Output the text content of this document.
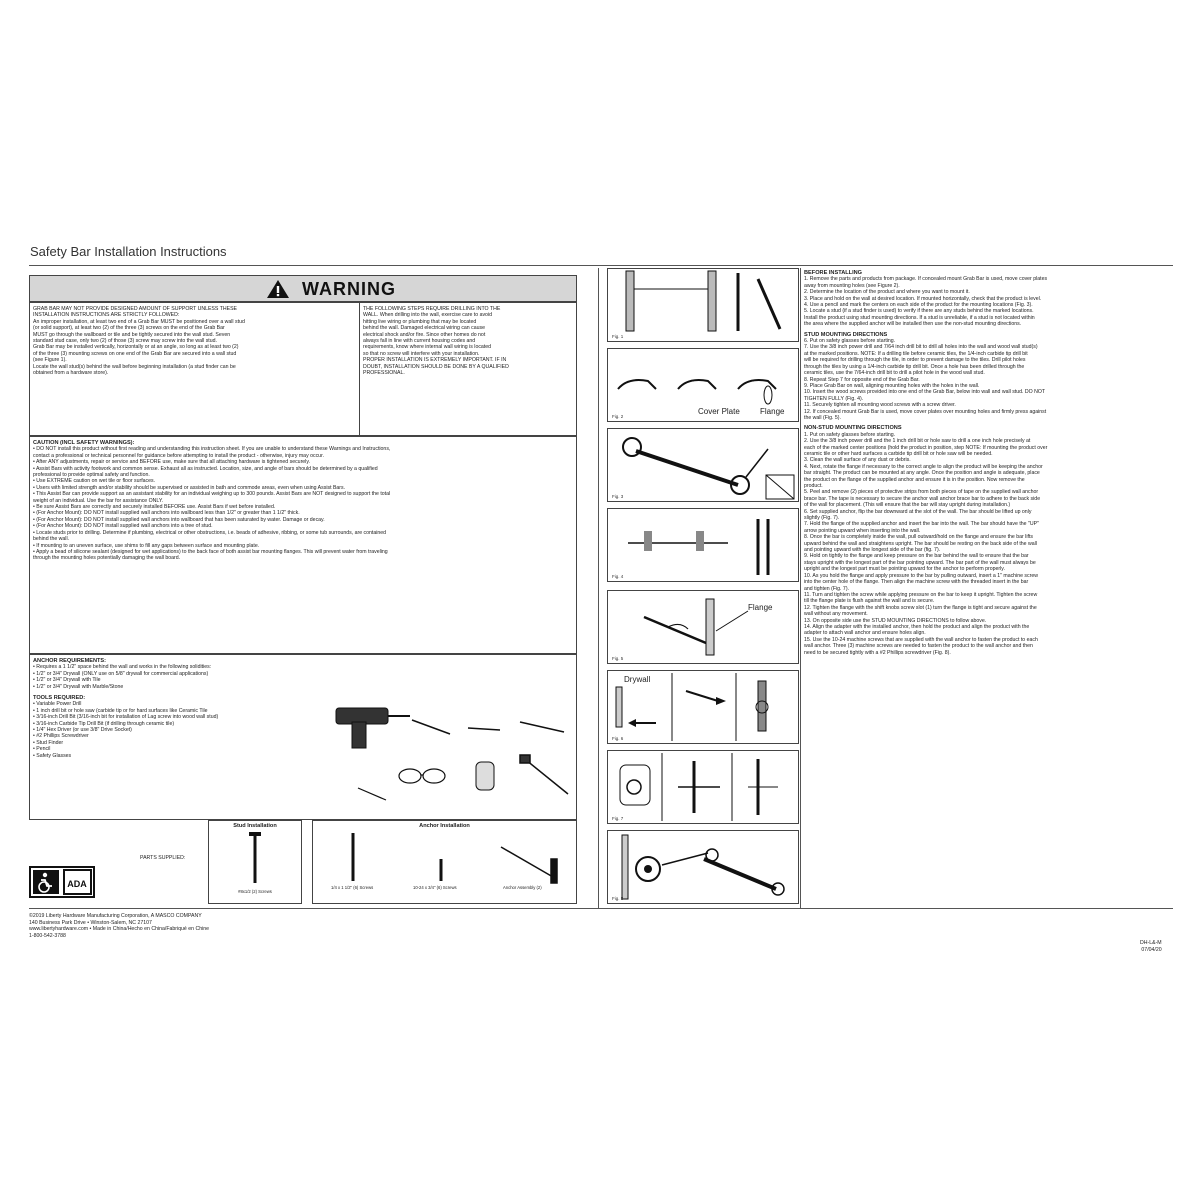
Safety Bar Installation Instructions
WARNING

GRAB BAR MAY NOT PROVIDE DESIGNED AMOUNT OF SUPPORT UNLESS THESE

INSTALLATION INSTRUCTIONS ARE STRICTLY FOLLOWED:

An improper installation, at least two end of a Grab Bar MUST be positioned over a wall stud

(or solid support), at least two (2) of the three (3) screws on the end of the Grab Bar

MUST go through the wallboard or tile and be tightly secured into the wall stud. Seven

standard stud case, only two (2) of those (3) screw may screw into the wall stud.

Grab Bar may be installed vertically, horizontally or at an angle, so long as at least two (2)

of the three (3) mounting screws on one end of the Grab Bar are secured into a wall stud

(see Figure 1).

Locate the wall stud(s) behind the wall before beginning installation (a stud finder can be

obtained from a hardware store).

THE FOLLOWING STEPS REQUIRE DRILLING INTO THE

WALL. When drilling into the wall, exercise care to avoid

hitting live wiring or plumbing that may be located

behind the wall. Damaged electrical wiring can cause

electrical shock and/or fire. Since other homes do not

always fall in line with current housing codes and

requirements, know where internal wall wiring is located

so that no screw will interfere with your installation.

PROPER INSTALLATION IS EXTREMELY IMPORTANT. IF IN

DOUBT, INSTALLATION SHOULD BE DONE BY A QUALIFIED

PROFESSIONAL.

CAUTION (INCL SAFETY WARNINGS):

• DO NOT install this product without first reading and understanding this instruction sheet. If you are unable to understand these Warnings and Instructions,

contact a professional or technical personnel for guidance before attempting to install the product - otherwise, injury may occur.

• After ANY adjustments, repair or service and BEFORE use, make sure that all attaching hardware is tightened securely.

• Assist Bars with activity footwork and common sense. Exhaust all as instructed. Location, size, and angle of bars should be determined by a qualified

professional to provide optimal safety and function.

• Use EXTREME caution on wet tile or floor surfaces.

• Users with limited strength and/or stability should be supervised or assisted in bath and commode areas, even when using Assist Bars.

• This Assist Bar can provide support as an assistant stability for an individual weighing up to 300 pounds. Assist Bars are NOT designed to support the total

weight of an individual. Use the bar for assistance ONLY.

• Be sure Assist Bars are correctly and securely installed BEFORE use. Assist Bars if wet before installed.

• (For Anchor Mount): DO NOT install supplied wall anchors into wallboard less than 1/2" or greater than 1 1/2" thick.

• (For Anchor Mount): DO NOT install supplied wall anchors into wallboard that has been saturated by water. Damage or decay.

• (For Anchor Mount): DO NOT install supplied wall anchors into a tree of stud.

• Locate studs prior to drilling. Determine if plumbing, electrical or other obstructions, i.e. beads of adhesive, ribbing, or some tub surrounds, are contained

behind the wall.

• If mounting to an uneven surface, use shims to fill any gaps between surface and mounting plate.

• Apply a bead of silicone sealant (designed for wet applications) to the back face of both assist bar mounting flanges. This will prevent water from traveling

through the mounting holes potentially damaging the wall board.

ANCHOR REQUIREMENTS:

• Requires a 1 1/2" space behind the wall and works in the following solidities:

• 1/2" or 3/4" Drywall (ONLY use on 5/8" drywall for commercial applications)

• 1/2" or 3/4" Drywall with Tile

• 1/2" or 3/4" Drywall with Marble/Stone

TOOLS REQUIRED:

• Variable Power Drill

• 1 inch drill bit or hole saw (carbide tip or for hard surfaces like Ceramic Tile

• 3/16-inch Drill Bit (3/16-inch bit for installation of Lag screw into wood wall stud)

• 3/16-inch Carbide Tip Drill Bit (if drilling through ceramic tile)

• 1/4" Hex Driver (or use 3/8" Drive Socket)

• #2 Phillips Screwdriver

• Stud Finder

• Pencil

• Safety Glasses

Stud Installation

#8x1/2 (2) Screws

PARTS SUPPLIED:

Anchor Installation

1/4 x 1 1/2" (6) Screws	10-24 x 3/4" (6) Screws	Anchor Assembly (2)
ADA
Fig. 1
Cover Plate	Flange
Fig. 2
Fig. 3
Fig. 4
Flange
Fig. 5
Drywall
Fig. 6
Fig. 7
Fig. 8

BEFORE INSTALLING

1. Remove the parts and products from package. If concealed mount Grab Bar is used, move cover plates

away from mounting holes (see Figure 2).

2. Determine the location of the product and where you want to mount it.

3. Place and hold on the wall at desired location. If mounted horizontally, check that the product is level.

4. Use a pencil and mark the centers on each side of the product for the mounting locations (Fig. 3).

5. Locate a stud (if a stud finder is used) to verify if there are any studs behind the marked locations.

Install the product using stud mounting directions. If a stud is unreliable, if a stud is not located within

the area where the supplied anchor will be installed then use the non-stud mounting directions.

STUD MOUNTING DIRECTIONS

6. Put on safety glasses before starting.

7. Use the 3/8 inch power drill and 7/64 inch drill bit to drill all holes into the wall and wood wall stud(s)

at the marked positions. NOTE: If a drilling tile before ceramic tiles, the 1/4-inch carbide tip drill bit

will be required for drilling through the tile, in order to prevent damage to the tiles. Drill pilot holes

through the tiles by using a 1/4-inch carbide tip drill bit. Once a hole has been drilled through the

ceramic tiles, use the 7/64-inch drill bit to drill a pilot hole in the wood wall stud.

8. Repeat Step 7 for opposite end of the Grab Bar.

9. Place Grab Bar on wall, aligning mounting holes with the holes in the wall.

10. Insert the wood screws provided into one end of the Grab Bar, below into wall and wall stud. DO NOT

TIGHTEN FULLY (Fig. 4).

11. Securely tighten all mounting wood screws with a screw driver.

12. If concealed mount Grab Bar is used, move cover plates over mounting holes and firmly press against

the wall (Fig. 5).

NON-STUD MOUNTING DIRECTIONS

1. Put on safety glasses before starting.

2. Use the 3/8 inch power drill and the 1 inch drill bit or hole saw to drill a one inch hole precisely at

each of the marked center positions (hold the product in position, step NOTE: If mounting the product over

ceramic tile or other hard surfaces a carbide tip drill bit or hole saw will be needed.

3. Clean the wall surface of any dust or debris.

4. Next, rotate the flange if necessary to the correct angle to align the product will be keeping the anchor

bar straight. The product can be mounted at any angle. Once the position and angle is adequate, place

the product on the flange of the supplied anchor and ensure it is in the position. Now remove the

product.

5. Peel and remove (2) pieces of protective strips from both pieces of tape on the supplied wall anchor

brace bar. The tape is necessary to secure the anchor wall anchor brace bar to adhere to the back side

of the wall for placement. (This will ensure that the bar will stay upright during installation.)

6. Set supplied anchor, flip the bar downward at the slot of the wall. The bar should be lifted up only

slightly (Fig. 7).

7. Hold the flange of the supplied anchor and insert the bar into the wall. The bar should have the "UP"

arrow pointing upward when inserting into the wall.

8. Once the bar is completely inside the wall, pull outward/hold on the flange and ensure the bar lifts

upward behind the wall and straightens upright. The bar should be resting on the back side of the wall

and pointing upward with the longest side of the bar (fig. 7).

9. Hold on tightly to the flange and keep pressure on the bar behind the wall to ensure that the bar

stays upright with the longest part of the bar pointing upward. The bar part of the wall must always be

upright and the longest part must be pointing upward for the anchor to perform properly.

10. As you hold the flange and apply pressure to the bar by pulling outward, insert a 1" machine screw

into the center hole of the flange. Then align the machine screw with the threaded insert in the bar

and tighten (Fig. 7).

11. Turn and tighten the screw while applying pressure on the bar to keep it upright. Tighten the screw

till the flange plate is flush against the wall and is secure.

12. Tighten the flange with the shift knobs screw slot (1) turn the flange is tight and secure against the

wall without any movement.

13. On opposite side use the STUD MOUNTING DIRECTIONS to follow above.

14. Align the adapter with the installed anchor, then hold the product and align the product with the

adapter to attach wall anchor and ensure holes align.

15. Use the 10-24 machine screws that are supplied with the wall anchor to fasten the product to each

wall anchor. Three (3) machine screws are needed to fasten the product to the wall anchor and then

need to be secured tightly with a #2 Phillips screwdriver (Fig. 8).

©2019 Liberty Hardware Manufacturing Corporation, A MASCO COMPANY

140 Business Park Drive • Winston-Salem, NC 27107

www.libertyhardware.com • Made in China/Hecho en China/Fabriqué en Chine

1-800-542-3788

DH-L&-M

07/04/20
